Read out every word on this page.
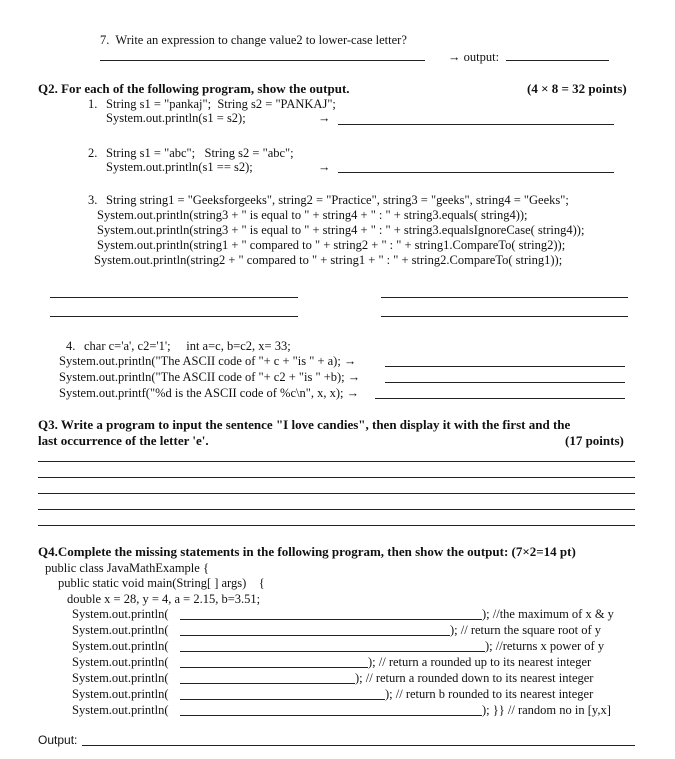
7.  Write an expression to change value2 to lower-case letter?
→ output:
Q2. For each of the following program, show the output.	(4 × 8 = 32 points)
1. String s1 = "pankaj";  String s2 = "PANKAJ";
System.out.println(s1 = s2);	→
2. String s1 = "abc";   String s2 = "abc";
System.out.println(s1 == s2);	→
3. String string1 = "Geeksforgeeks", string2 = "Practice", string3 = "geeks", string4 = "Geeks";
System.out.println(string3 + " is equal to " + string4 + " : " + string3.equals( string4));
System.out.println(string3 + " is equal to " + string4 + " : " + string3.equalsIgnoreCase( string4));
System.out.println(string1 + " compared to " + string2 + " : " + string1.CompareTo( string2));
System.out.println(string2 + " compared to " + string1 + " : " + string2.CompareTo( string1));
4. char c='a', c2='1';     int a=c, b=c2, x= 33;
System.out.println("The ASCII code of "+ c + "is " + a); →
System.out.println("The ASCII code of "+ c2 + "is " +b); →
System.out.printf("%d is the ASCII code of %c\n", x, x); →
Q3. Write a program to input the sentence "I love candies", then display it with the first and the
last occurrence of the letter 'e'.	(17 points)
Q4.Complete the missing statements in the following program, then show the output: (7×2=14 pt)
public class JavaMathExample {
public static void main(String[ ] args)    {
double x = 28, y = 4, a = 2.15, b=3.51;
System.out.println(	); //the maximum of x & y
System.out.println(	); // return the square root of y
System.out.println(	); //returns x power of y
System.out.println(	); // return a rounded up to its nearest integer
System.out.println(	); // return a rounded down to its nearest integer
System.out.println(	); // return b rounded to its nearest integer
System.out.println(	); }} // random no in [y,x]
Output:
